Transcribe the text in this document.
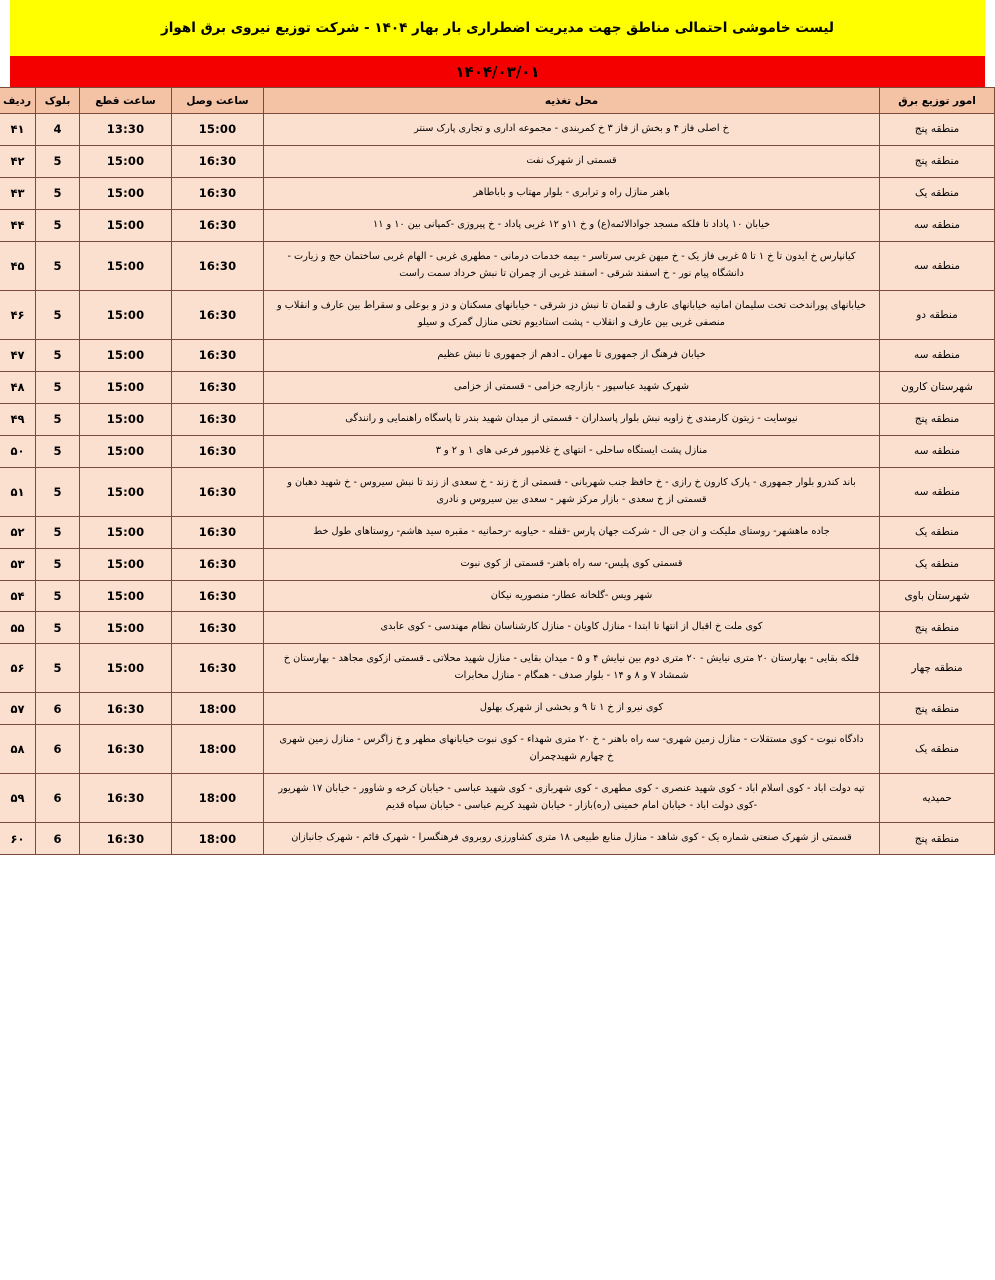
لیست خاموشی احتمالی مناطق جهت مدیریت اضطراری بار بهار ۱۴۰۴ - شرکت توزیع نیروی برق اهواز
۱۴۰۴/۰۳/۰۱
امور توزیع برق	محل تغذیه	ساعت وصل	ساعت قطع	بلوک	ردیف
منطقه پنج	خ اصلی فاز ۴ و بخش از فاز ۳ خ کمربندی - مجموعه اداری و تجاری پارک سنتر	15:00	13:30	4	۴۱
منطقه پنج	قسمتی از شهرک نفت	16:30	15:00	5	۴۲
منطقه یک	باهنر منازل راه و ترابری - بلوار مهتاب و باباطاهر	16:30	15:00	5	۴۳
منطقه سه	خیابان ۱۰ پاداد تا فلکه مسجد جوادالائمه(ع) و خ ۱۱و ۱۲ غربی پاداد - خ پیروزی -کمپانی بین ۱۰ و ۱۱	16:30	15:00	5	۴۴
منطقه سه	کیانپارس خ ایدون تا خ ۱ تا ۵ غربی فاز یک - خ میهن غربی سرتاسر - بیمه خدمات درمانی - مطهری غربی - الهام غربی ساختمان حج و زیارت - دانشگاه پیام نور - خ اسفند شرقی - اسفند غربی از چمران تا نبش خرداد سمت راست	16:30	15:00	5	۴۵
منطقه دو	خیابانهای پوراندخت تخت سلیمان امانیه خیابانهای عارف و لقمان تا نبش دز شرقی - خیابانهای مسکنان و دز و بوعلی و سقراط بین عارف و انقلاب و منصفی غربی بین عارف و انقلاب - پشت استادیوم تختی منازل گمرک و سیلو	16:30	15:00	5	۴۶
منطقه سه	خیابان فرهنگ از جمهوری تا مهران ـ ادهم از جمهوری تا نبش عظیم	16:30	15:00	5	۴۷
شهرستان کارون	شهرک شهید عباسپور - بازارچه خزامی - قسمتی از خزامی	16:30	15:00	5	۴۸
منطقه پنج	نیوسایت - زیتون کارمندی خ زاویه نبش بلوار پاسداران - قسمتی از میدان شهید بندر تا پاسگاه راهنمایی و رانندگی	16:30	15:00	5	۴۹
منطقه سه	منازل پشت ایستگاه ساحلی - انتهای خ غلامپور فرعی های ۱ و ۲ و ۳	16:30	15:00	5	۵۰
منطقه سه	باند کندرو بلوار جمهوری - پارک کارون خ رازی - خ حافظ جنب شهربانی - قسمتی از خ زند - خ سعدی از زند تا نبش سیروس - خ شهید دهبان و قسمتی از خ سعدی - بازار مرکز شهر - سعدی بین سیروس و نادری	16:30	15:00	5	۵۱
منطقه یک	جاده ماهشهر- روستای ملیکت و ان جی ال - شرکت جهان پارس -قفله - حیاوبه -رحمانیه - مقبره سید هاشم- روستاهای طول خط	16:30	15:00	5	۵۲
منطقه یک	قسمتی کوی پلیس- سه راه باهنر- قسمتی از کوی نبوت	16:30	15:00	5	۵۳
شهرستان باوی	شهر ویس -گلخانه عطار- منصوریه نیکان	16:30	15:00	5	۵۴
منطقه پنج	کوی ملت خ اقبال از انتها تا ابتدا - منازل کاویان - منازل کارشناسان نظام مهندسی - کوی عابدی	16:30	15:00	5	۵۵
منطقه چهار	فلکه بقایی - بهارستان ۲۰ متری نیایش - ۲۰ متری دوم بین نیایش ۴ و ۵ - میدان بقایی - منازل شهید محلاتی ـ قسمتی ازکوی مجاهد - بهارستان خ شمشاد ۷ و ۸ و ۱۴ - بلوار صدف - همگام - منازل مخابرات	16:30	15:00	5	۵۶
منطقه پنج	کوی نیرو از خ ۱ تا ۹ و بخشی از شهرک بهلول	18:00	16:30	6	۵۷
منطقه یک	دادگاه نبوت - کوی مستقلات - منازل زمین شهری- سه راه باهنر - خ ۲۰ متری شهداء - کوی نبوت خیابانهای مطهر و خ زاگرس - منازل زمین شهری خ چهارم شهیدچمران	18:00	16:30	6	۵۸
حمیدیه	تپه دولت اباد - کوی اسلام اباد - کوی شهید عنصری - کوی مطهری - کوی شهربازی - کوی شهید عباسی - خیابان کرخه و شاوور - خیابان ۱۷ شهریور -کوی دولت اباد - خیابان امام خمینی (ره)بازار - خیابان شهید کریم عباسی - خیابان سپاه قدیم	18:00	16:30	6	۵۹
منطقه پنج	قسمتی از شهرک صنعتی شماره یک - کوی شاهد - منازل منابع طبیعی ۱۸ متری کشاورزی روبروی فرهنگسرا - شهرک قائم - شهرک جانبازان	18:00	16:30	6	۶۰
